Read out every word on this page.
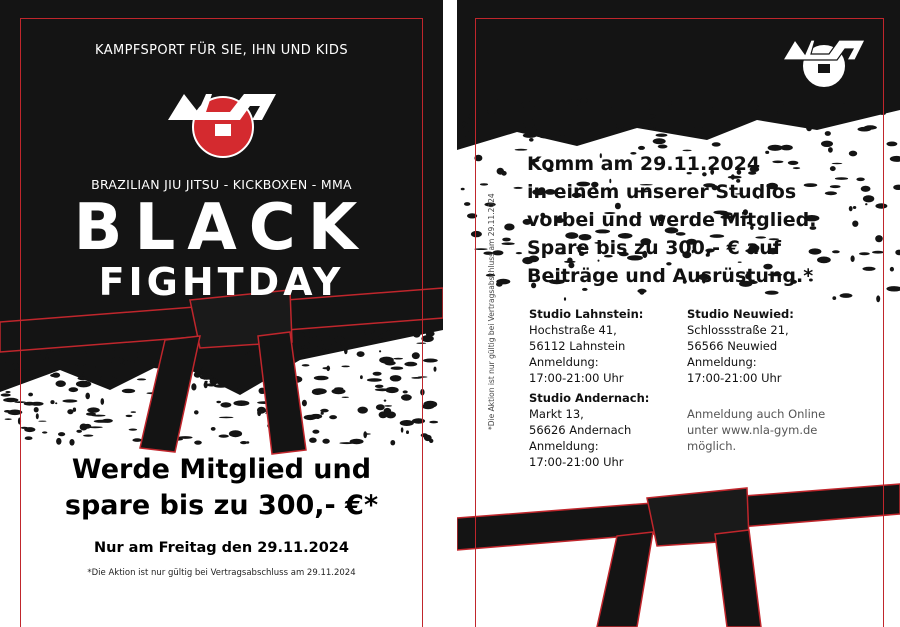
KAMPFSPORT FÜR SIE, IHN UND KIDS
BRAZILIAN JIU JITSU - KICKBOXEN - MMA
BLACK
FIGHTDAY
Werde Mitglied und
spare bis zu 300,- €*
Nur am Freitag den 29.11.2024
*Die Aktion ist nur gültig bei Vertragsabschluss am 29.11.2024
Komm am 29.11.2024
in einem unserer Studios
vorbei und werde Mitglied.
Spare bis zu 300,- € auf
Beiträge und Ausrüstung.*
Studio Lahnstein:
Hochstraße 41,
56112 Lahnstein
Anmeldung:
17:00-21:00 Uhr
Studio Neuwied:
Schlossstraße 21,
56566 Neuwied
Anmeldung:
17:00-21:00 Uhr
Studio Andernach:
Markt 13,
56626 Andernach
Anmeldung:
17:00-21:00 Uhr
Anmeldung auch Online
unter www.nla-gym.de
möglich.
*Die Aktion ist nur gültig bei Vertragsabschluss am 29.11.2024
